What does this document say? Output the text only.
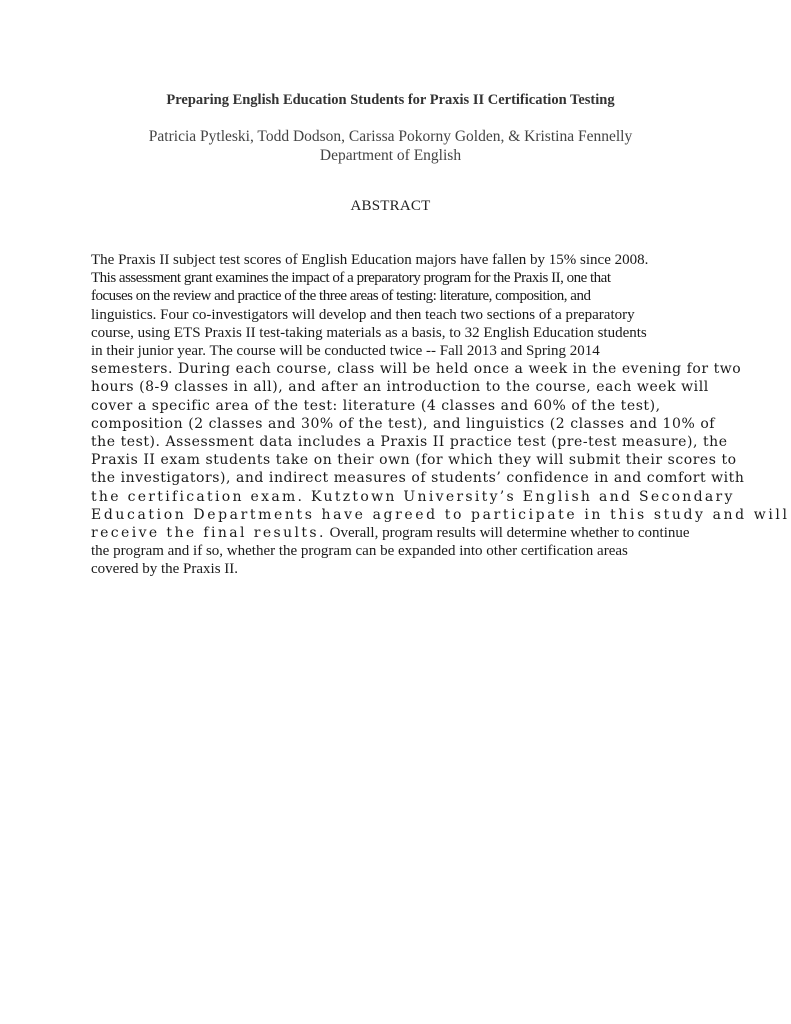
Preparing English Education Students for Praxis II Certification Testing
Patricia Pytleski, Todd Dodson, Carissa Pokorny Golden, & Kristina Fennelly
Department of English
ABSTRACT
The Praxis II subject test scores of English Education majors have fallen by 15% since 2008.
This assessment grant examines the impact of a preparatory program for the Praxis II, one that
focuses on the review and practice of the three areas of testing: literature, composition, and
linguistics. Four co-investigators will develop and then teach two sections of a preparatory
course, using ETS Praxis II test-taking materials as a basis, to 32 English Education students
in their junior year. The course will be conducted twice -- Fall 2013 and Spring 2014
semesters. During each course, class will be held once a week in the evening for two
hours (8-9 classes in all), and after an introduction to the course, each week will
cover a specific area of the test: literature (4 classes and 60% of the test),
composition (2 classes and 30% of the test), and linguistics (2 classes and 10% of
the test). Assessment data includes a Praxis II practice test (pre-test measure), the
Praxis II exam students take on their own (for which they will submit their scores to
the investigators), and indirect measures of students’ confidence in and comfort with
the certification exam. Kutztown University’s English and Secondary
Education Departments have agreed to participate in this study and will
receive the final results. Overall, program results will determine whether to continue
the program and if so, whether the program can be expanded into other certification areas
covered by the Praxis II.
